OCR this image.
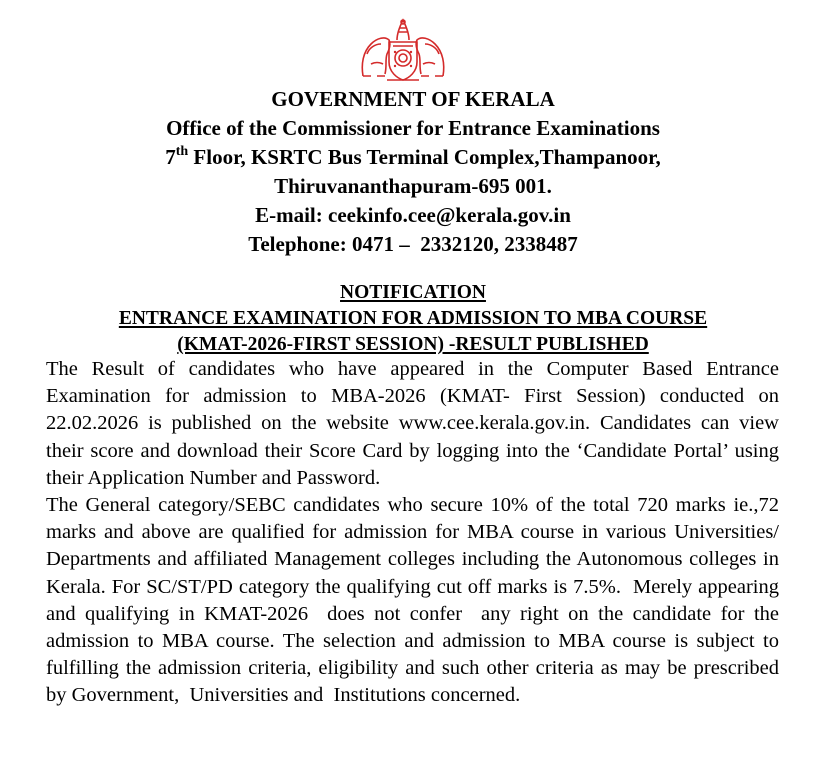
GOVERNMENT OF KERALA
Office of the Commissioner for Entrance Examinations
7th Floor, KSRTC Bus Terminal Complex,Thampanoor,
Thiruvananthapuram-695 001.
E-mail: ceekinfo.cee@kerala.gov.in
Telephone: 0471 –  2332120, 2338487
NOTIFICATION
ENTRANCE EXAMINATION FOR ADMISSION TO MBA COURSE
(KMAT-2026-FIRST SESSION) -RESULT PUBLISHED

The Result of candidates who have appeared in the Computer Based Entrance Examination for admission to MBA-2026 (KMAT- First Session) conducted on 22.02.2026 is published on the website www.cee.kerala.gov.in. Candidates can view their score and download their Score Card by logging into the ‘Candidate Portal’ using their Application Number and Password.

The General category/SEBC candidates who secure 10% of the total 720 marks ie.,72 marks and above are qualified for admission for MBA course in various Universities/ Departments and affiliated Management colleges including the Autonomous colleges in Kerala. For SC/ST/PD category the qualifying cut off marks is 7.5%.  Merely appearing and qualifying in KMAT-2026  does not confer  any right on the candidate for the admission to MBA course. The selection and admission to MBA course is subject to fulfilling the admission criteria, eligibility and such other criteria as may be prescribed by Government,  Universities and  Institutions concerned.
